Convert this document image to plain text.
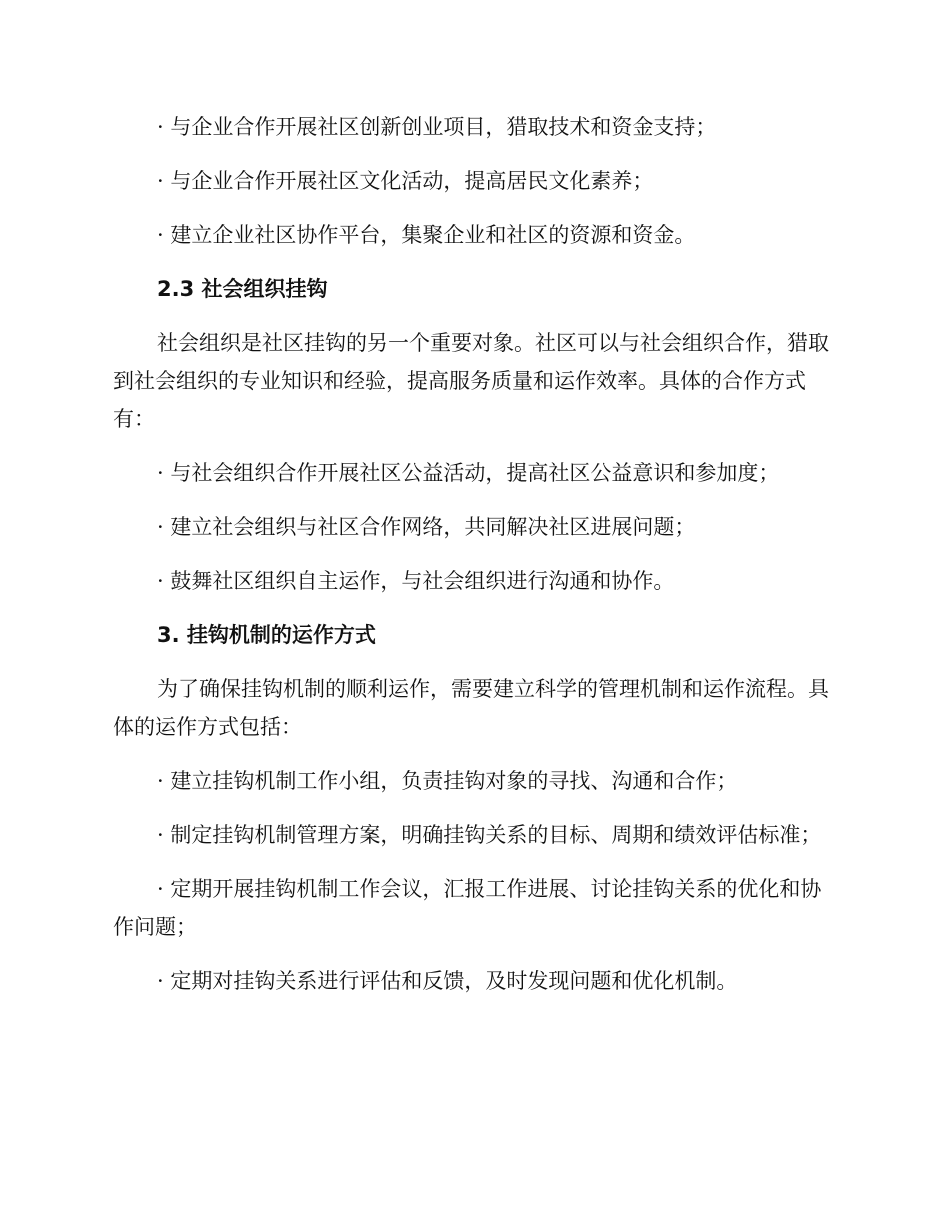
· 与企业合作开展社区创新创业项目，猎取技术和资金支持；

· 与企业合作开展社区文化活动，提高居民文化素养；

· 建立企业社区协作平台，集聚企业和社区的资源和资金。

2.3 社会组织挂钩

社会组织是社区挂钩的另一个重要对象。社区可以与社会组织合作，猎取到社会组织的专业知识和经验，提高服务质量和运作效率。具体的合作方式有：

· 与社会组织合作开展社区公益活动，提高社区公益意识和参加度；

· 建立社会组织与社区合作网络，共同解决社区进展问题；

· 鼓舞社区组织自主运作，与社会组织进行沟通和协作。

3. 挂钩机制的运作方式

为了确保挂钩机制的顺利运作，需要建立科学的管理机制和运作流程。具体的运作方式包括：

· 建立挂钩机制工作小组，负责挂钩对象的寻找、沟通和合作；

· 制定挂钩机制管理方案，明确挂钩关系的目标、周期和绩效评估标准；

· 定期开展挂钩机制工作会议，汇报工作进展、讨论挂钩关系的优化和协作问题；

· 定期对挂钩关系进行评估和反馈，及时发现问题和优化机制。
